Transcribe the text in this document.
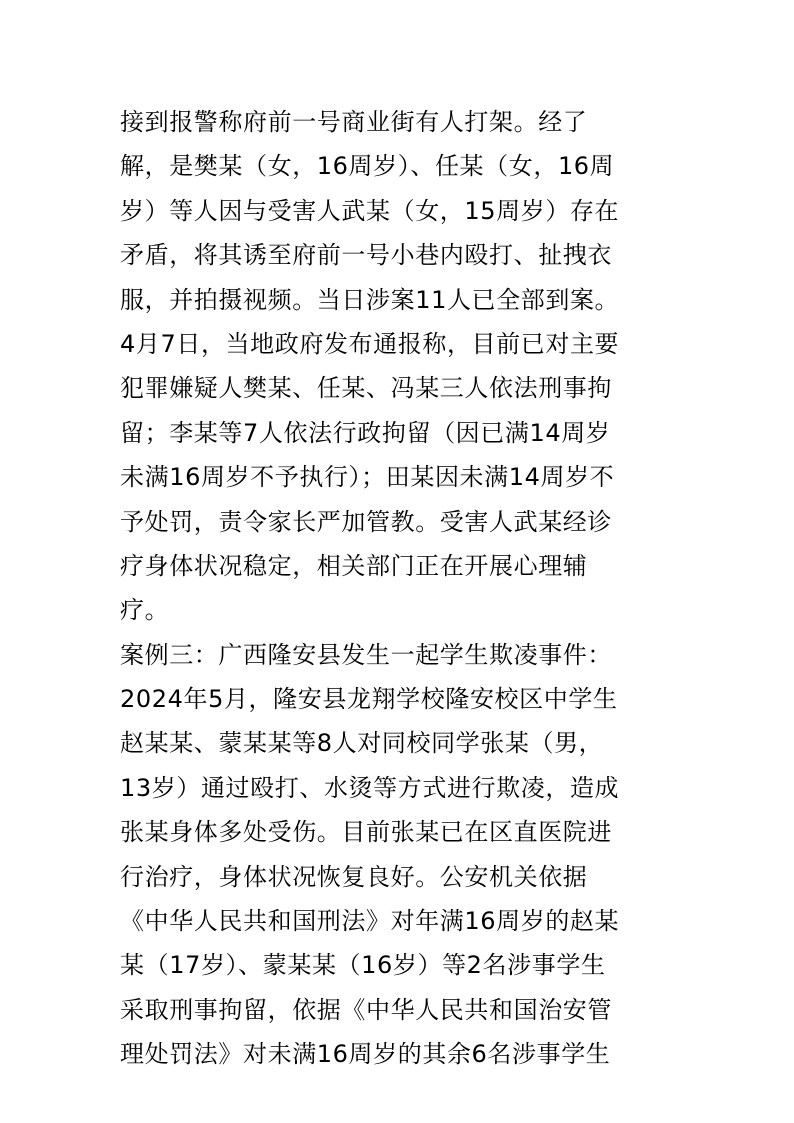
接到报警称府前一号商业街有人打架。经了
解，是樊某（女，16周岁）、任某（女，16周
岁）等人因与受害人武某（女，15周岁）存在
矛盾，将其诱至府前一号小巷内殴打、扯拽衣
服，并拍摄视频。当日涉案11人已全部到案。
4月7日，当地政府发布通报称，目前已对主要
犯罪嫌疑人樊某、任某、冯某三人依法刑事拘
留；李某等7人依法行政拘留（因已满14周岁
未满16周岁不予执行）；田某因未满14周岁不
予处罚，责令家长严加管教。受害人武某经诊
疗身体状况稳定，相关部门正在开展心理辅
疗。
案例三：广西隆安县发生一起学生欺凌事件：
2024年5月，隆安县龙翔学校隆安校区中学生
赵某某、蒙某某等8人对同校同学张某（男，
13岁）通过殴打、水烫等方式进行欺凌，造成
张某身体多处受伤。目前张某已在区直医院进
行治疗，身体状况恢复良好。公安机关依据
《中华人民共和国刑法》对年满16周岁的赵某
某（17岁）、蒙某某（16岁）等2名涉事学生
采取刑事拘留，依据《中华人民共和国治安管
理处罚法》对未满16周岁的其余6名涉事学生
